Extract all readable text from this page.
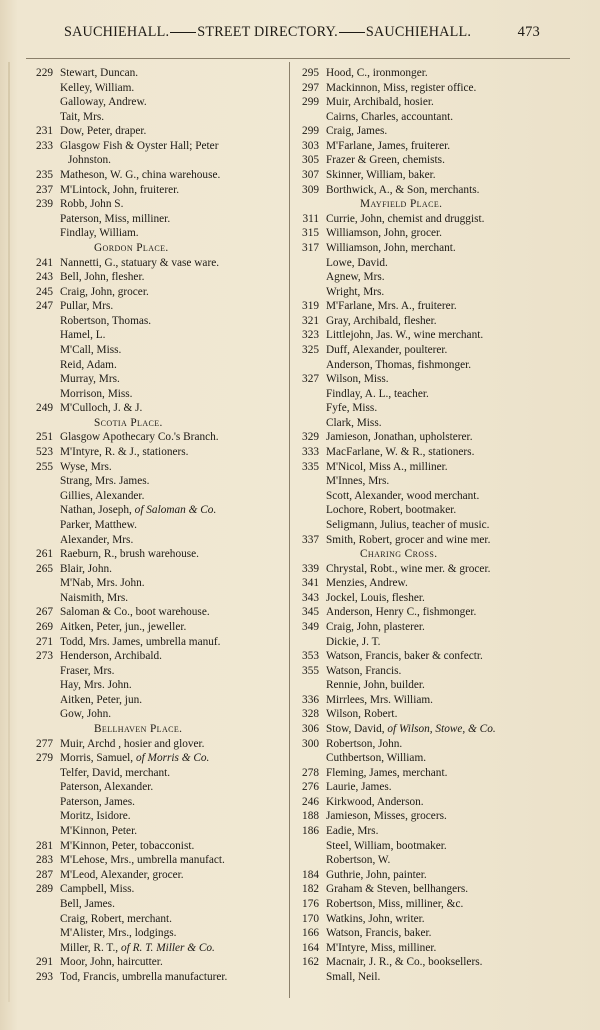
SAUCHIEHALL. STREET DIRECTORY. SAUCHIEHALL.	473
229 Stewart, Duncan.
Kelley, William.
Galloway, Andrew.
Tait, Mrs.
231 Dow, Peter, draper.
233 Glasgow Fish & Oyster Hall; Peter
Johnston.
235 Matheson, W. G., china warehouse.
237 M'Lintock, John, fruiterer.
239 Robb, John S.
Paterson, Miss, milliner.
Findlay, William.
Gordon Place.
241 Nannetti, G., statuary & vase ware.
243 Bell, John, flesher.
245 Craig, John, grocer.
247 Pullar, Mrs.
Robertson, Thomas.
Hamel, L.
M'Call, Miss.
Reid, Adam.
Murray, Mrs.
Morrison, Miss.
249 M'Culloch, J. & J.
Scotia Place.
251 Glasgow Apothecary Co.'s Branch.
523 M'Intyre, R. & J., stationers.
255 Wyse, Mrs.
Strang, Mrs. James.
Gillies, Alexander.
Nathan, Joseph, of Saloman & Co.
Parker, Matthew.
Alexander, Mrs.
261 Raeburn, R., brush warehouse.
265 Blair, John.
M'Nab, Mrs. John.
Naismith, Mrs.
267 Saloman & Co., boot warehouse.
269 Aitken, Peter, jun., jeweller.
271 Todd, Mrs. James, umbrella manuf.
273 Henderson, Archibald.
Fraser, Mrs.
Hay, Mrs. John.
Aitken, Peter, jun.
Gow, John.
Bellhaven Place.
277 Muir, Archd , hosier and glover.
279 Morris, Samuel, of Morris & Co.
Telfer, David, merchant.
Paterson, Alexander.
Paterson, James.
Moritz, Isidore.
M'Kinnon, Peter.
281 M'Kinnon, Peter, tobacconist.
283 M'Lehose, Mrs., umbrella manufact.
287 M'Leod, Alexander, grocer.
289 Campbell, Miss.
Bell, James.
Craig, Robert, merchant.
M'Alister, Mrs., lodgings.
Miller, R. T., of R. T. Miller & Co.
291 Moor, John, haircutter.
293 Tod, Francis, umbrella manufacturer.
295 Hood, C., ironmonger.
297 Mackinnon, Miss, register office.
299 Muir, Archibald, hosier.
Cairns, Charles, accountant.
299 Craig, James.
303 M'Farlane, James, fruiterer.
305 Frazer & Green, chemists.
307 Skinner, William, baker.
309 Borthwick, A., & Son, merchants.
Mayfield Place.
311 Currie, John, chemist and druggist.
315 Williamson, John, grocer.
317 Williamson, John, merchant.
Lowe, David.
Agnew, Mrs.
Wright, Mrs.
319 M'Farlane, Mrs. A., fruiterer.
321 Gray, Archibald, flesher.
323 Littlejohn, Jas. W., wine merchant.
325 Duff, Alexander, poulterer.
Anderson, Thomas, fishmonger.
327 Wilson, Miss.
Findlay, A. L., teacher.
Fyfe, Miss.
Clark, Miss.
329 Jamieson, Jonathan, upholsterer.
333 MacFarlane, W. & R., stationers.
335 M'Nicol, Miss A., milliner.
M'Innes, Mrs.
Scott, Alexander, wood merchant.
Lochore, Robert, bootmaker.
Seligmann, Julius, teacher of music.
337 Smith, Robert, grocer and wine mer.
Charing Cross.
339 Chrystal, Robt., wine mer. & grocer.
341 Menzies, Andrew.
343 Jockel, Louis, flesher.
345 Anderson, Henry C., fishmonger.
349 Craig, John, plasterer.
Dickie, J. T.
353 Watson, Francis, baker & confectr.
355 Watson, Francis.
Rennie, John, builder.
336 Mirrlees, Mrs. William.
328 Wilson, Robert.
306 Stow, David, of Wilson, Stowe, & Co.
300 Robertson, John.
Cuthbertson, William.
278 Fleming, James, merchant.
276 Laurie, James.
246 Kirkwood, Anderson.
188 Jamieson, Misses, grocers.
186 Eadie, Mrs.
Steel, William, bootmaker.
Robertson, W.
184 Guthrie, John, painter.
182 Graham & Steven, bellhangers.
176 Robertson, Miss, milliner, &c.
170 Watkins, John, writer.
166 Watson, Francis, baker.
164 M'Intyre, Miss, milliner.
162 Macnair, J. R., & Co., booksellers.
Small, Neil.
